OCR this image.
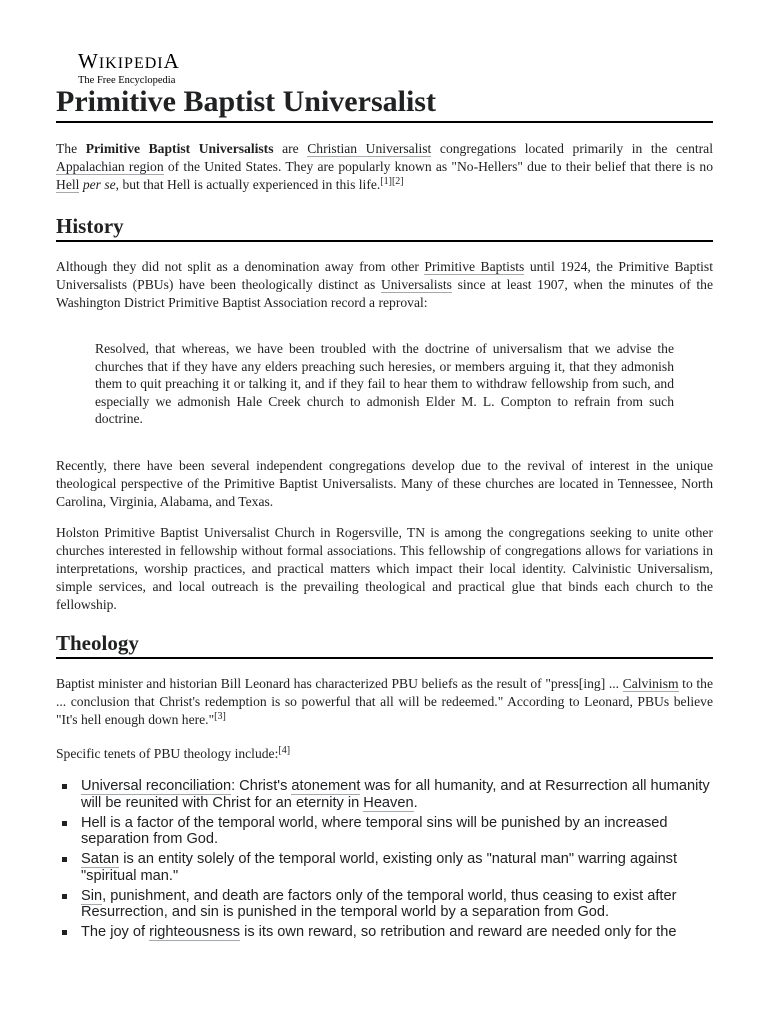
WIKIPEDIA
The Free Encyclopedia
Primitive Baptist Universalist

The Primitive Baptist Universalists are Christian Universalist congregations located primarily in the central Appalachian region of the United States. They are popularly known as "No-Hellers" due to their belief that there is no Hell per se, but that Hell is actually experienced in this life.[1][2]

History

Although they did not split as a denomination away from other Primitive Baptists until 1924, the Primitive Baptist Universalists (PBUs) have been theologically distinct as Universalists since at least 1907, when the minutes of the Washington District Primitive Baptist Association record a reproval:

Resolved, that whereas, we have been troubled with the doctrine of universalism that we advise the churches that if they have any elders preaching such heresies, or members arguing it, that they admonish them to quit preaching it or talking it, and if they fail to hear them to withdraw fellowship from such, and especially we admonish Hale Creek church to admonish Elder M. L. Compton to refrain from such doctrine.

Recently, there have been several independent congregations develop due to the revival of interest in the unique theological perspective of the Primitive Baptist Universalists. Many of these churches are located in Tennessee, North Carolina, Virginia, Alabama, and Texas.

Holston Primitive Baptist Universalist Church in Rogersville, TN is among the congregations seeking to unite other churches interested in fellowship without formal associations. This fellowship of congregations allows for variations in interpretations, worship practices, and practical matters which impact their local identity. Calvinistic Universalism, simple services, and local outreach is the prevailing theological and practical glue that binds each church to the fellowship.

Theology

Baptist minister and historian Bill Leonard has characterized PBU beliefs as the result of "press[ing] ... Calvinism to the ... conclusion that Christ's redemption is so powerful that all will be redeemed." According to Leonard, PBUs believe "It's hell enough down here."[3]

Specific tenets of PBU theology include:[4]

Universal reconciliation: Christ's atonement was for all humanity, and at Resurrection all humanity will be reunited with Christ for an eternity in Heaven.
Hell is a factor of the temporal world, where temporal sins will be punished by an increased separation from God.
Satan is an entity solely of the temporal world, existing only as "natural man" warring against "spiritual man."
Sin, punishment, and death are factors only of the temporal world, thus ceasing to exist after Resurrection, and sin is punished in the temporal world by a separation from God.
The joy of righteousness is its own reward, so retribution and reward are needed only for the
